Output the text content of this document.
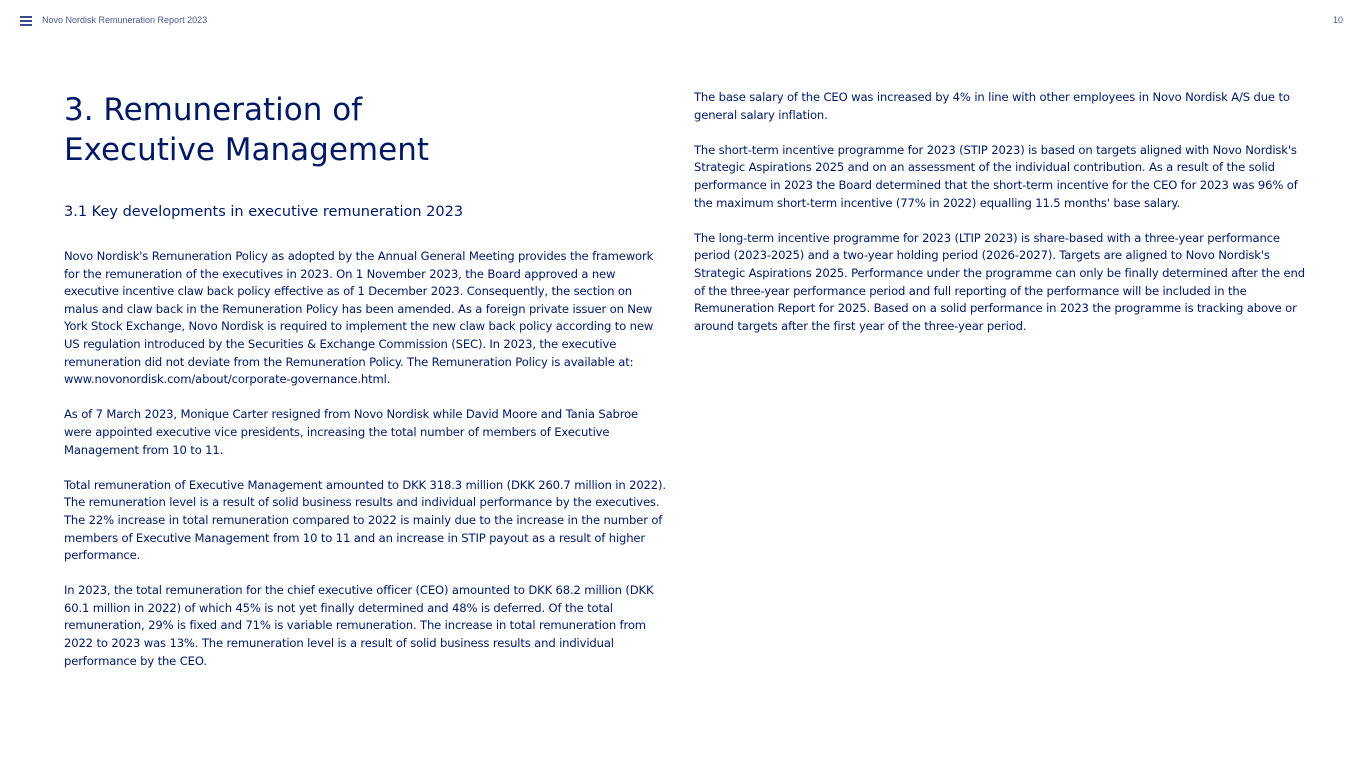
Novo Nordisk Remuneration Report 2023	10
3. Remuneration of
Executive Management
3.1 Key developments in executive remuneration 2023

Novo Nordisk's Remuneration Policy as adopted by the Annual General Meeting provides the framework for the remuneration of the executives in 2023. On 1 November 2023, the Board approved a new executive incentive claw back policy effective as of 1 December 2023. Consequently, the section on malus and claw back in the Remuneration Policy has been amended. As a foreign private issuer on New York Stock Exchange, Novo Nordisk is required to implement the new claw back policy according to new US regulation introduced by the Securities & Exchange Commission (SEC). In 2023, the executive remuneration did not deviate from the Remuneration Policy. The Remuneration Policy is available at: www.novonordisk.com/about/corporate-governance.html.

As of 7 March 2023, Monique Carter resigned from Novo Nordisk while David Moore and Tania Sabroe were appointed executive vice presidents, increasing the total number of members of Executive Management from 10 to 11.

Total remuneration of Executive Management amounted to DKK 318.3 million (DKK 260.7 million in 2022). The remuneration level is a result of solid business results and individual performance by the executives. The 22% increase in total remuneration compared to 2022 is mainly due to the increase in the number of members of Executive Management from 10 to 11 and an increase in STIP payout as a result of higher performance.

In 2023, the total remuneration for the chief executive officer (CEO) amounted to DKK 68.2 million (DKK 60.1 million in 2022) of which 45% is not yet finally determined and 48% is deferred. Of the total remuneration, 29% is fixed and 71% is variable remuneration. The increase in total remuneration from 2022 to 2023 was 13%. The remuneration level is a result of solid business results and individual performance by the CEO.

The base salary of the CEO was increased by 4% in line with other employees in Novo Nordisk A/S due to general salary inflation.

The short-term incentive programme for 2023 (STIP 2023) is based on targets aligned with Novo Nordisk's Strategic Aspirations 2025 and on an assessment of the individual contribution. As a result of the solid performance in 2023 the Board determined that the short-term incentive for the CEO for 2023 was 96% of the maximum short-term incentive (77% in 2022) equalling 11.5 months' base salary.

The long-term incentive programme for 2023 (LTIP 2023) is share-based with a three-year performance period (2023-2025) and a two-year holding period (2026-2027). Targets are aligned to Novo Nordisk's Strategic Aspirations 2025. Performance under the programme can only be finally determined after the end of the three-year performance period and full reporting of the performance will be included in the Remuneration Report for 2025. Based on a solid performance in 2023 the programme is tracking above or around targets after the first year of the three-year period.
